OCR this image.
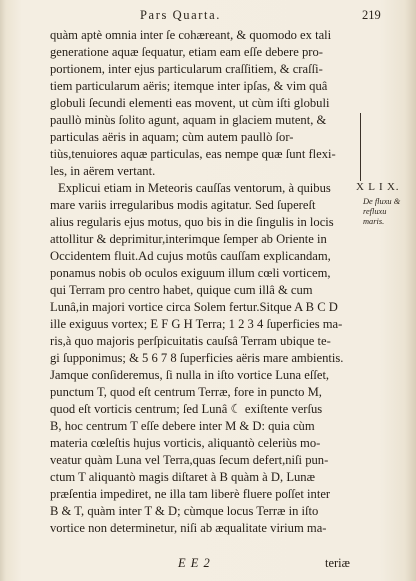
Pars Quarta.	219
quàm aptè omnia inter ſe cohæreant, & quomodo ex tali
generatione aquæ ſequatur, etiam eam eſſe debere pro-
portionem, inter ejus particularum craſſitiem, & craſſi-
tiem particularum aëris; itemque inter ipſas, & vim quâ
globuli ſecundi elementi eas movent, ut cùm iſti globuli
paullò minùs ſolito agunt, aquam in glaciem mutent, &
particulas aëris in aquam; cùm autem paullò ſor-
tiùs,tenuiores aquæ particulas, eas nempe quæ ſunt flexi-
les, in aërem vertant.
Explicui etiam in Meteoris cauſſas ventorum, à quibus
mare variis irregularibus modis agitatur. Sed ſupereſt
alius regularis ejus motus, quo bis in die ſingulis in locis
attollitur & deprimitur,interimque ſemper ab Oriente in
Occidentem fluit.Ad cujus motûs cauſſam explicandam,
ponamus nobis ob oculos exiguum illum cœli vorticem,
qui Terram pro centro habet, quique cum illâ & cum
Lunâ,in majori vortice circa Solem fertur.Sitque A B C D
ille exiguus vortex; E F G H Terra; 1 2 3 4 ſuperficies ma-
ris,à quo majoris perſpicuitatis cauſsâ Terram ubique te-
gi ſupponimus; & 5 6 7 8 ſuperficies aëris mare ambientis.
Jamque conſideremus, ſi nulla in iſto vortice Luna eſſet,
punctum T, quod eſt centrum Terræ, fore in puncto M,
quod eſt vorticis centrum; ſed Lunâ ☾ exiſtente verſus
B, hoc centrum T eſſe debere inter M & D: quia cùm
materia cœleſtis hujus vorticis, aliquantò celeriùs mo-
veatur quàm Luna vel Terra,quas ſecum defert,niſi pun-
ctum T aliquantò magis diſtaret à B quàm à D, Lunæ
præſentia impediret, ne illa tam liberè fluere poſſet inter
B & T, quàm inter T & D; cùmque locus Terræ in iſto
vortice non determinetur, niſi ab æqualitate virium ma-
X L I X.
De fluxu & refluxu maris.
E E 2	teriæ
